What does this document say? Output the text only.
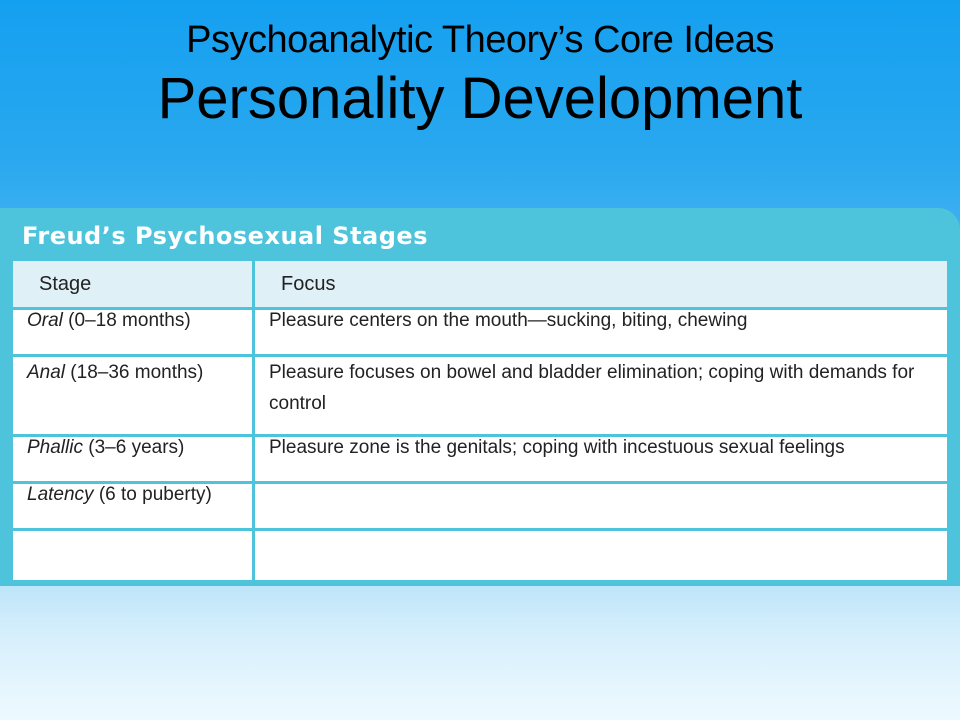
Psychoanalytic Theory’s Core Ideas
Personality Development
Freud’s Psychosexual Stages
Stage	Focus
Oral (0–18 months)	Pleasure centers on the mouth—sucking, biting, chewing
Anal (18–36 months)	Pleasure focuses on bowel and bladder elimination; coping with demands for control
Phallic (3–6 years)	Pleasure zone is the genitals; coping with incestuous sexual feelings
Latency (6 to puberty)	
